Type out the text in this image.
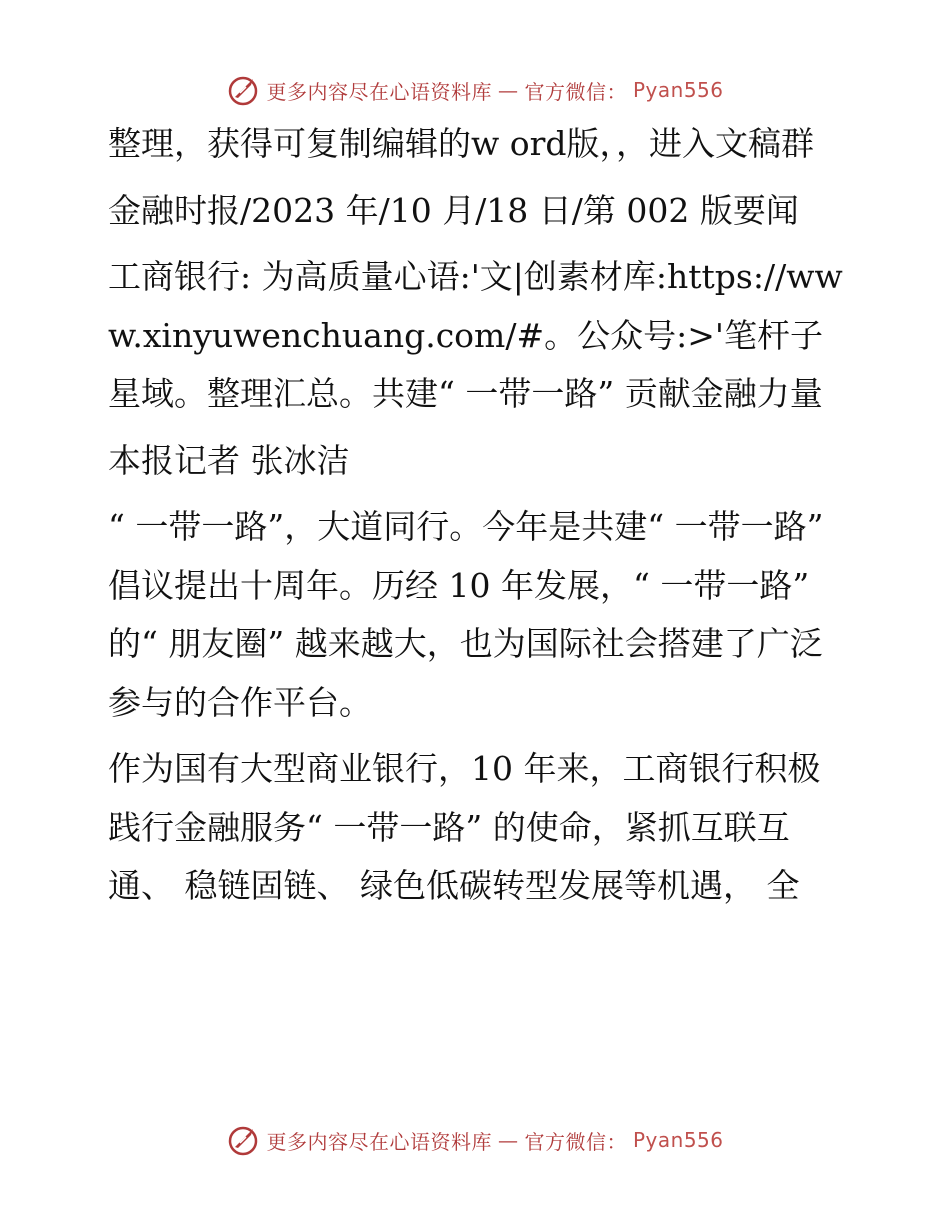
更多内容尽在心语资料库 — 官方微信： Pyan556

整理，获得可复制编辑的w ord版，，进入文稿群

金融时报/2023 年/10 月/18 日/第 002 版要闻

工商银行: 为高质量心语:'文|创素材库:https://www.xinyuwenchuang.com/#。公众号:>'笔杆子星域。整理汇总。共建“ 一带一路” 贡献金融力量

本报记者 张冰洁

“ 一带一路”，大道同行。今年是共建“ 一带一路” 倡议提出十周年。历经 10 年发展，“ 一带一路” 的“ 朋友圈” 越来越大，也为国际社会搭建了广泛参与的合作平台。

作为国有大型商业银行，10 年来，工商银行积极践行金融服务“ 一带一路” 的使命，紧抓互联互通、 稳链固链、 绿色低碳转型发展等机遇， 全

更多内容尽在心语资料库 — 官方微信： Pyan556
